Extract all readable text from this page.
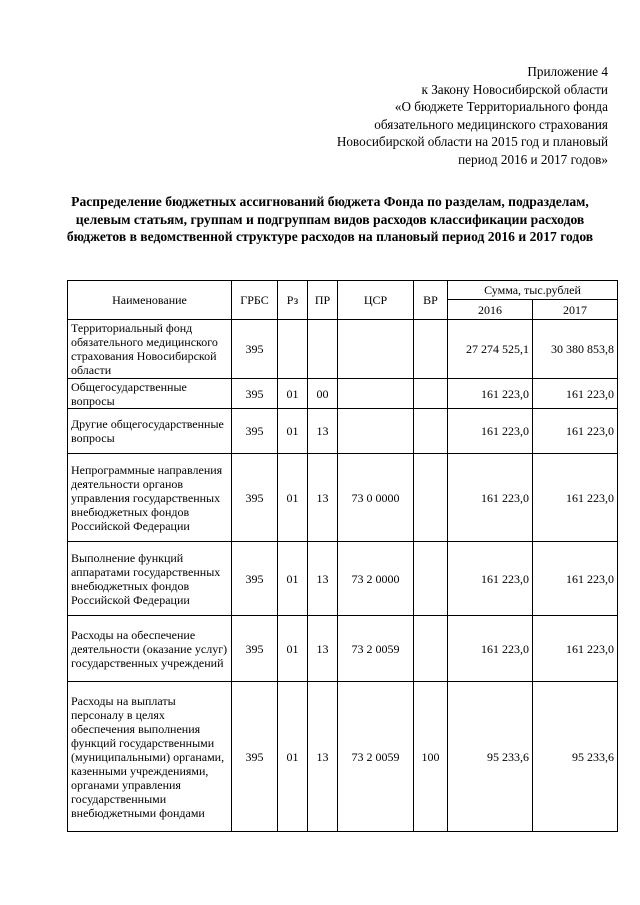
Приложение 4
к Закону Новосибирской области
«О бюджете Территориального фонда
обязательного медицинского страхования
Новосибирской области на 2015 год и плановый
период 2016 и 2017 годов»
Распределение бюджетных ассигнований бюджета Фонда по разделам, подразделам, целевым статьям, группам и подгруппам видов расходов классификации расходов бюджетов в ведомственной структуре расходов на плановый период 2016 и 2017 годов
Наименование	ГРБС	Рз	ПР	ЦСР	ВР	Сумма, тыс.рублей	
						2016	2017
Территориальный фонд обязательного медицинского страхования Новосибирской области	395					27 274 525,1	30 380 853,8
Общегосударственные вопросы	395	01	00			161 223,0	161 223,0
Другие общегосударственные вопросы	395	01	13			161 223,0	161 223,0
Непрограммные направления деятельности органов управления государственных внебюджетных фондов Российской Федерации	395	01	13	73 0 0000		161 223,0	161 223,0
Выполнение функций аппаратами государственных внебюджетных фондов Российской Федерации	395	01	13	73 2 0000		161 223,0	161 223,0
Расходы на обеспечение деятельности (оказание услуг) государственных учреждений	395	01	13	73 2 0059		161 223,0	161 223,0
Расходы на выплаты персоналу в целях обеспечения выполнения функций государственными (муниципальными) органами, казенными учреждениями, органами управления государственными внебюджетными фондами	395	01	13	73 2 0059	100	95 233,6	95 233,6
